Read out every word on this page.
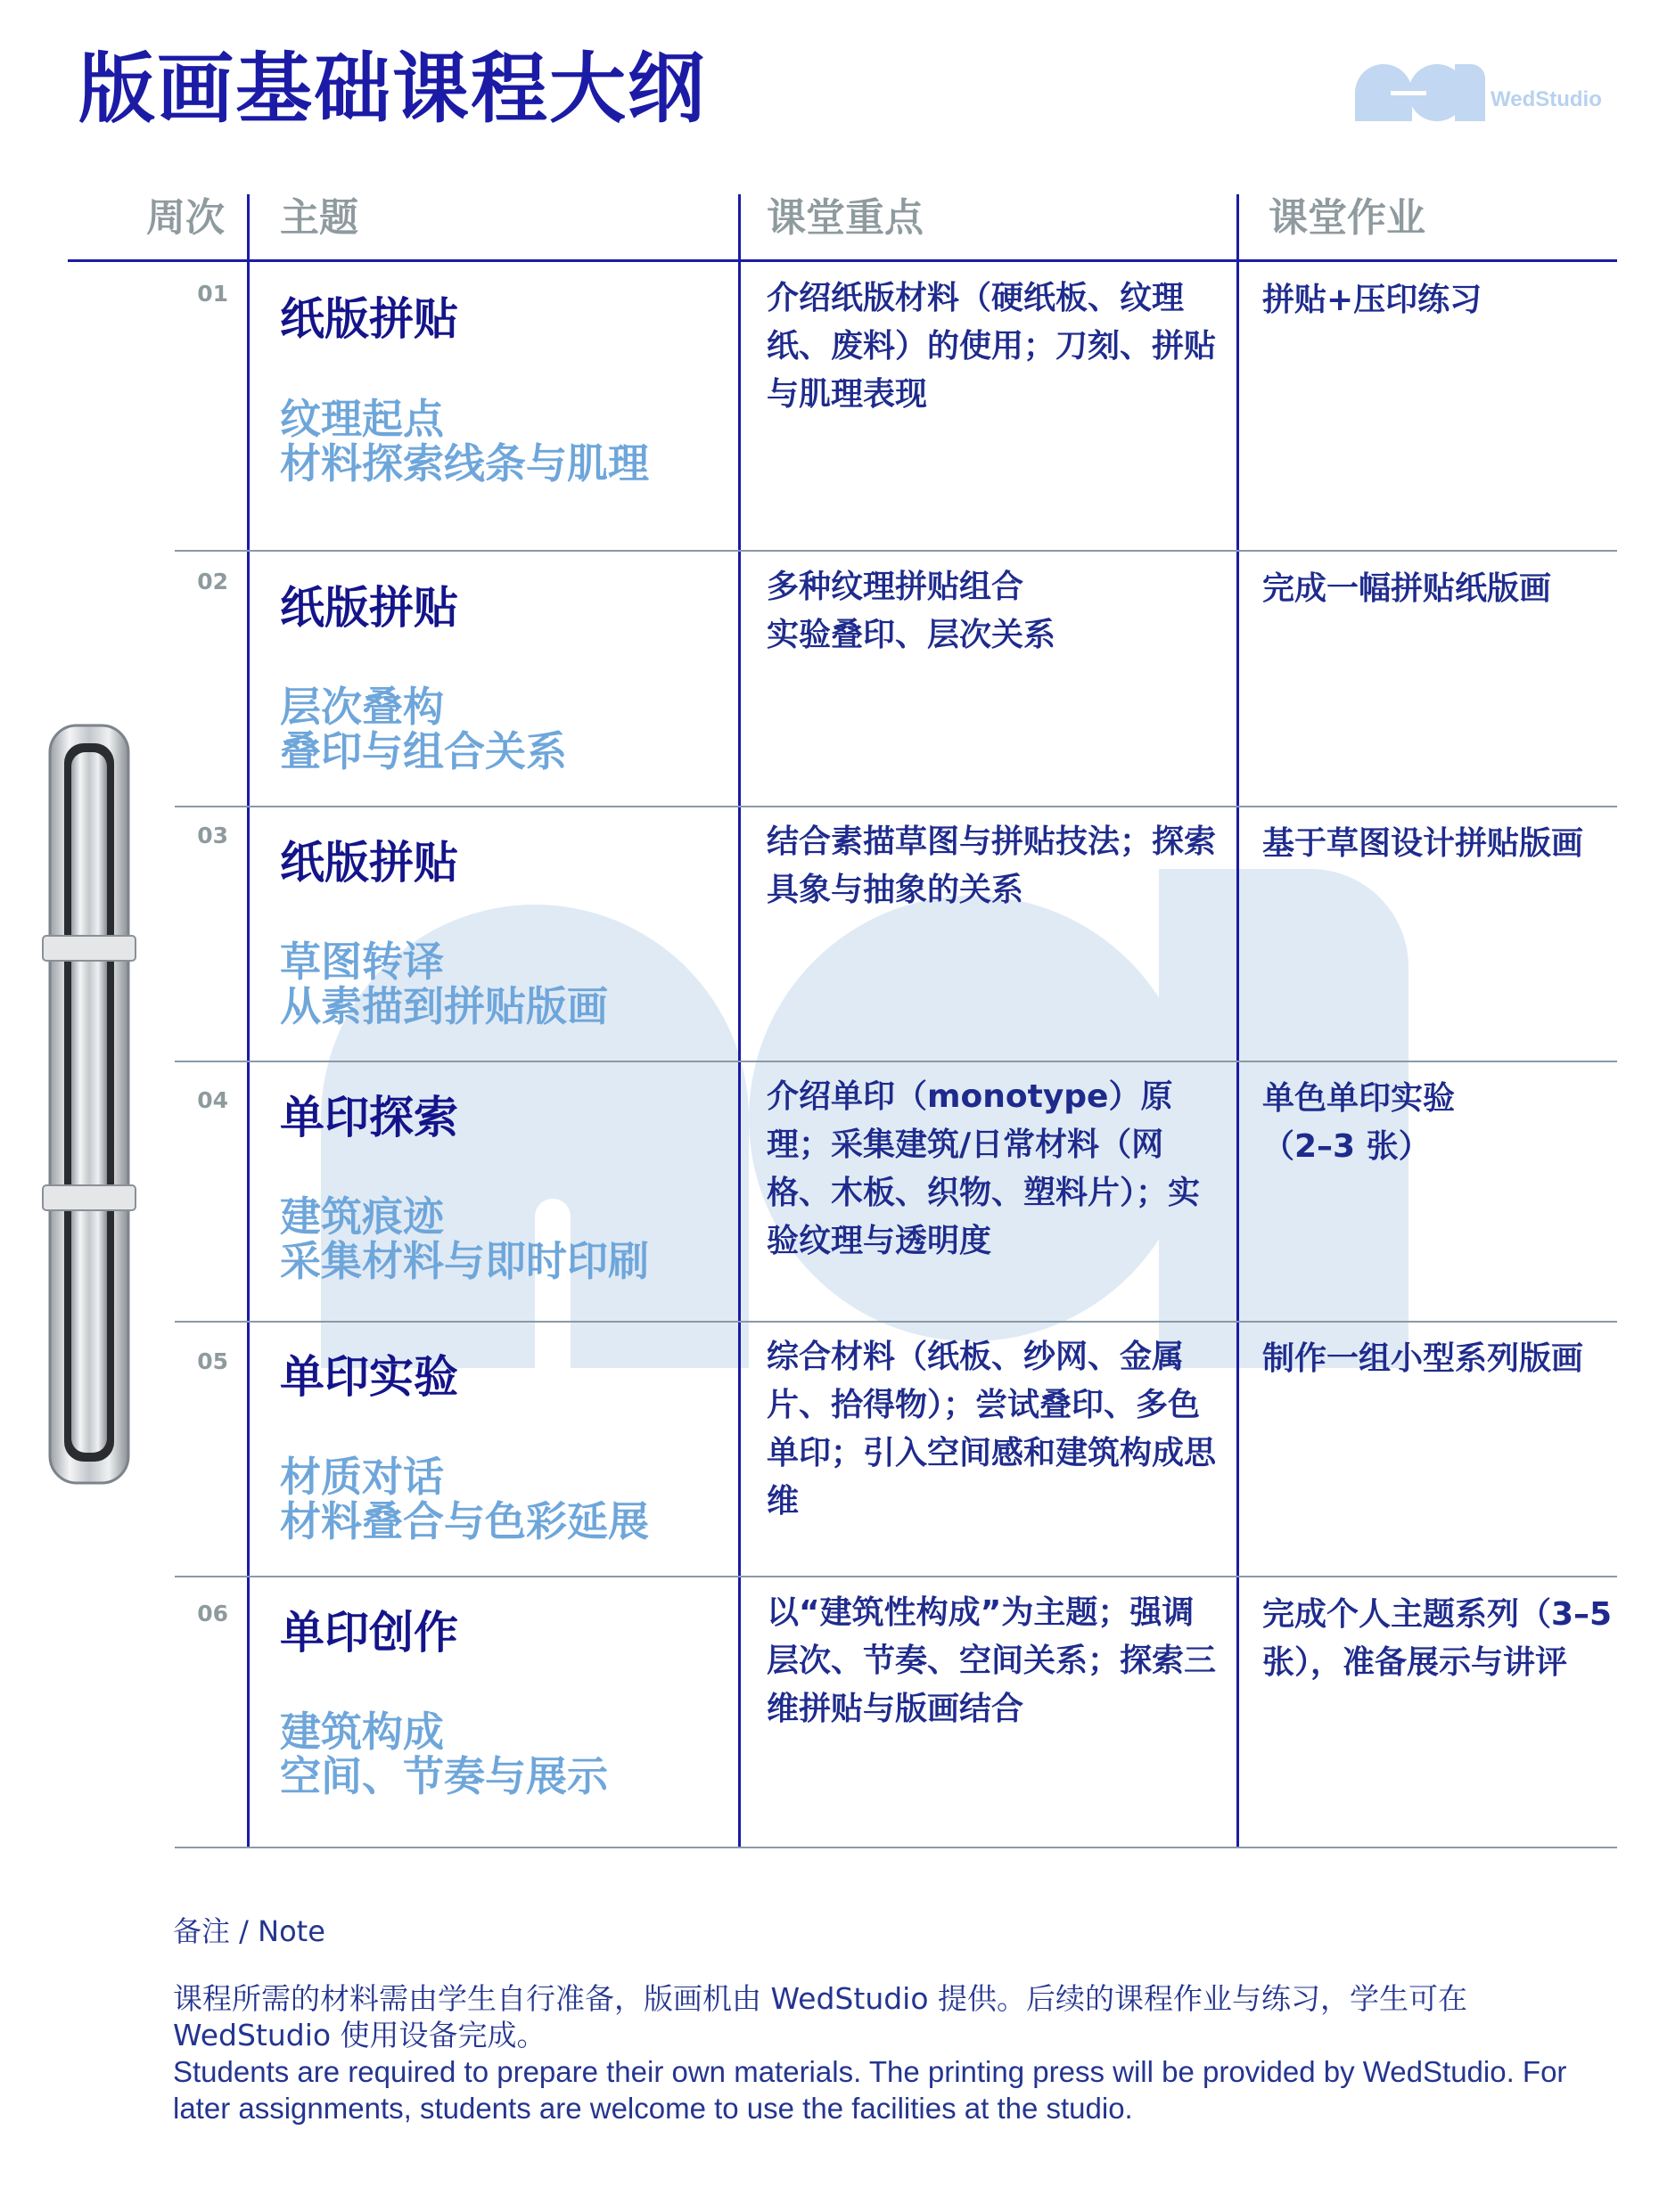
WedStudio
版画基础课程大纲
周次 主题	课堂重点	课堂作业
01 纸版拼贴
纹理起点
材料探索线条与肌理
介绍纸版材料（硬纸板、纹理纸、废料）的使用；刀刻、拼贴与肌理表现
拼贴+压印练习
02
纸版拼贴
层次叠构
叠印与组合关系
多种纹理拼贴组合
实验叠印、层次关系
完成一幅拼贴纸版画
03
纸版拼贴
草图转译
从素描到拼贴版画
结合素描草图与拼贴技法；探索具象与抽象的关系
基于草图设计拼贴版画
04 单印探索
建筑痕迹
采集材料与即时印刷
介绍单印（monotype）原理；采集建筑/日常材料（网格、木板、织物、塑料片）；实验纹理与透明度
单色单印实验
（2–3 张）
05 单印实验
材质对话
材料叠合与色彩延展
综合材料（纸板、纱网、金属片、拾得物）；尝试叠印、多色单印；引入空间感和建筑构成思维
制作一组小型系列版画
06 单印创作
建筑构成
空间、节奏与展示
以“建筑性构成”为主题；强调层次、节奏、空间关系；探索三维拼贴与版画结合
完成个人主题系列（3–5 张），准备展示与讲评
备注 / Note
课程所需的材料需由学生自行准备，版画机由 WedStudio 提供。后续的课程作业与练习，学生可在 WedStudio 使用设备完成。
Students are required to prepare their own materials. The printing press will be provided by WedStudio. For later assignments, students are welcome to use the facilities at the studio.
